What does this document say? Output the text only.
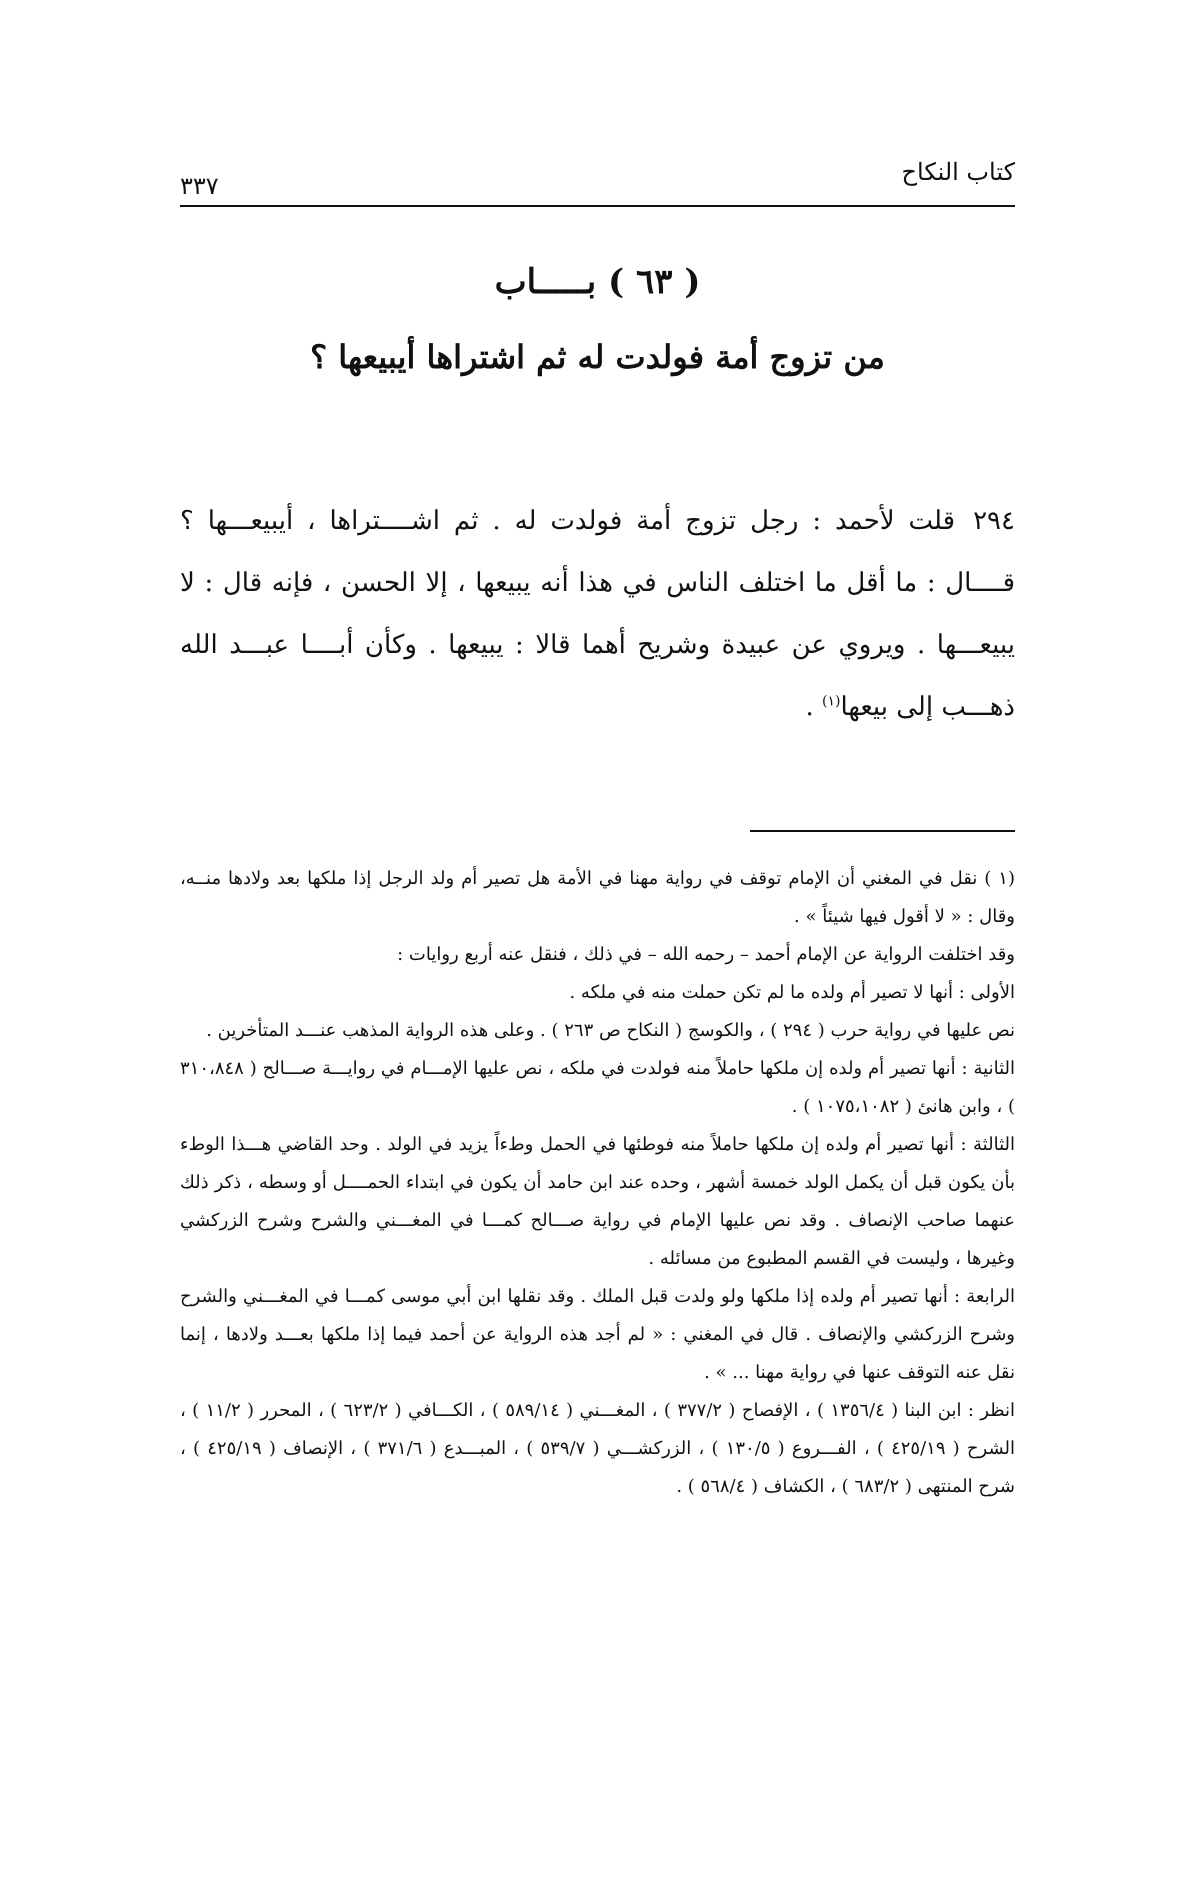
كتاب النكاح
٣٣٧
( ٦٣ ) بـــــاب
من تزوج أمة فولدت له ثم اشتراها أيبيعها ؟
٢٩٤قلت لأحمد : رجل تزوج أمة فولدت له . ثم اشــــتراها ، أيبيعـــها ؟ قــــال : ما أقل ما اختلف الناس في هذا أنه يبيعها ، إلا الحسن ، فإنه قال : لا يبيعـــها . ويروي عن عبيدة وشريح أهما قالا : يبيعها . وكأن أبــــا عبـــد الله ذهـــب إلى بيعها$^{(١)}$ .

(١ ) نقل في المغني أن الإمام توقف في رواية مهنا في الأمة هل تصير أم ولد الرجل إذا ملكها بعد ولادها منــه، وقال : « لا أقول فيها شيئاً » .

وقد اختلفت الرواية عن الإمام أحمد – رحمه الله – في ذلك ، فنقل عنه أربع روايات :

الأولى : أنها لا تصير أم ولده ما لم تكن حملت منه في ملكه .

نص عليها في رواية حرب ( ٢٩٤ ) ، والكوسج ( النكاح ص ٢٦٣ ) . وعلى هذه الرواية المذهب عنـــد المتأخرين .

الثانية : أنها تصير أم ولده إن ملكها حاملاً منه فولدت في ملكه ، نص عليها الإمـــام في روايـــة صـــالح ( ٣١٠،٨٤٨ ) ، وابن هانئ ( ١٠٧٥،١٠٨٢ ) .

الثالثة : أنها تصير أم ولده إن ملكها حاملاً منه فوطئها في الحمل وطءاً يزيد في الولد . وحد القاضي هـــذا الوطء بأن يكون قبل أن يكمل الولد خمسة أشهر ، وحده عند ابن حامد أن يكون في ابتداء الحمــــل أو وسطه ، ذكر ذلك عنهما صاحب الإنصاف . وقد نص عليها الإمام في رواية صـــالح كمـــا في المغـــني والشرح وشرح الزركشي وغيرها ، وليست في القسم المطبوع من مسائله .

الرابعة : أنها تصير أم ولده إذا ملكها ولو ولدت قبل الملك . وقد نقلها ابن أبي موسى كمـــا في المغـــني والشرح وشرح الزركشي والإنصاف . قال في المغني : « لم أجد هذه الرواية عن أحمد فيما إذا ملكها بعـــد ولادها ، إنما نقل عنه التوقف عنها في رواية مهنا ... » .

انظر : ابن البنا ( ١٣٥٦/٤ ) ، الإفصاح ( ٣٧٧/٢ ) ، المغـــني ( ٥٨٩/١٤ ) ، الكـــافي ( ٦٢٣/٢ ) ، المحرر ( ١١/٢ ) ، الشرح ( ٤٢٥/١٩ ) ، الفـــروع ( ١٣٠/٥ ) ، الزركشـــي ( ٥٣٩/٧ ) ، المبـــدع ( ٣٧١/٦ ) ، الإنصاف ( ٤٢٥/١٩ ) ، شرح المنتهى ( ٦٨٣/٢ ) ، الكشاف ( ٥٦٨/٤ ) .
